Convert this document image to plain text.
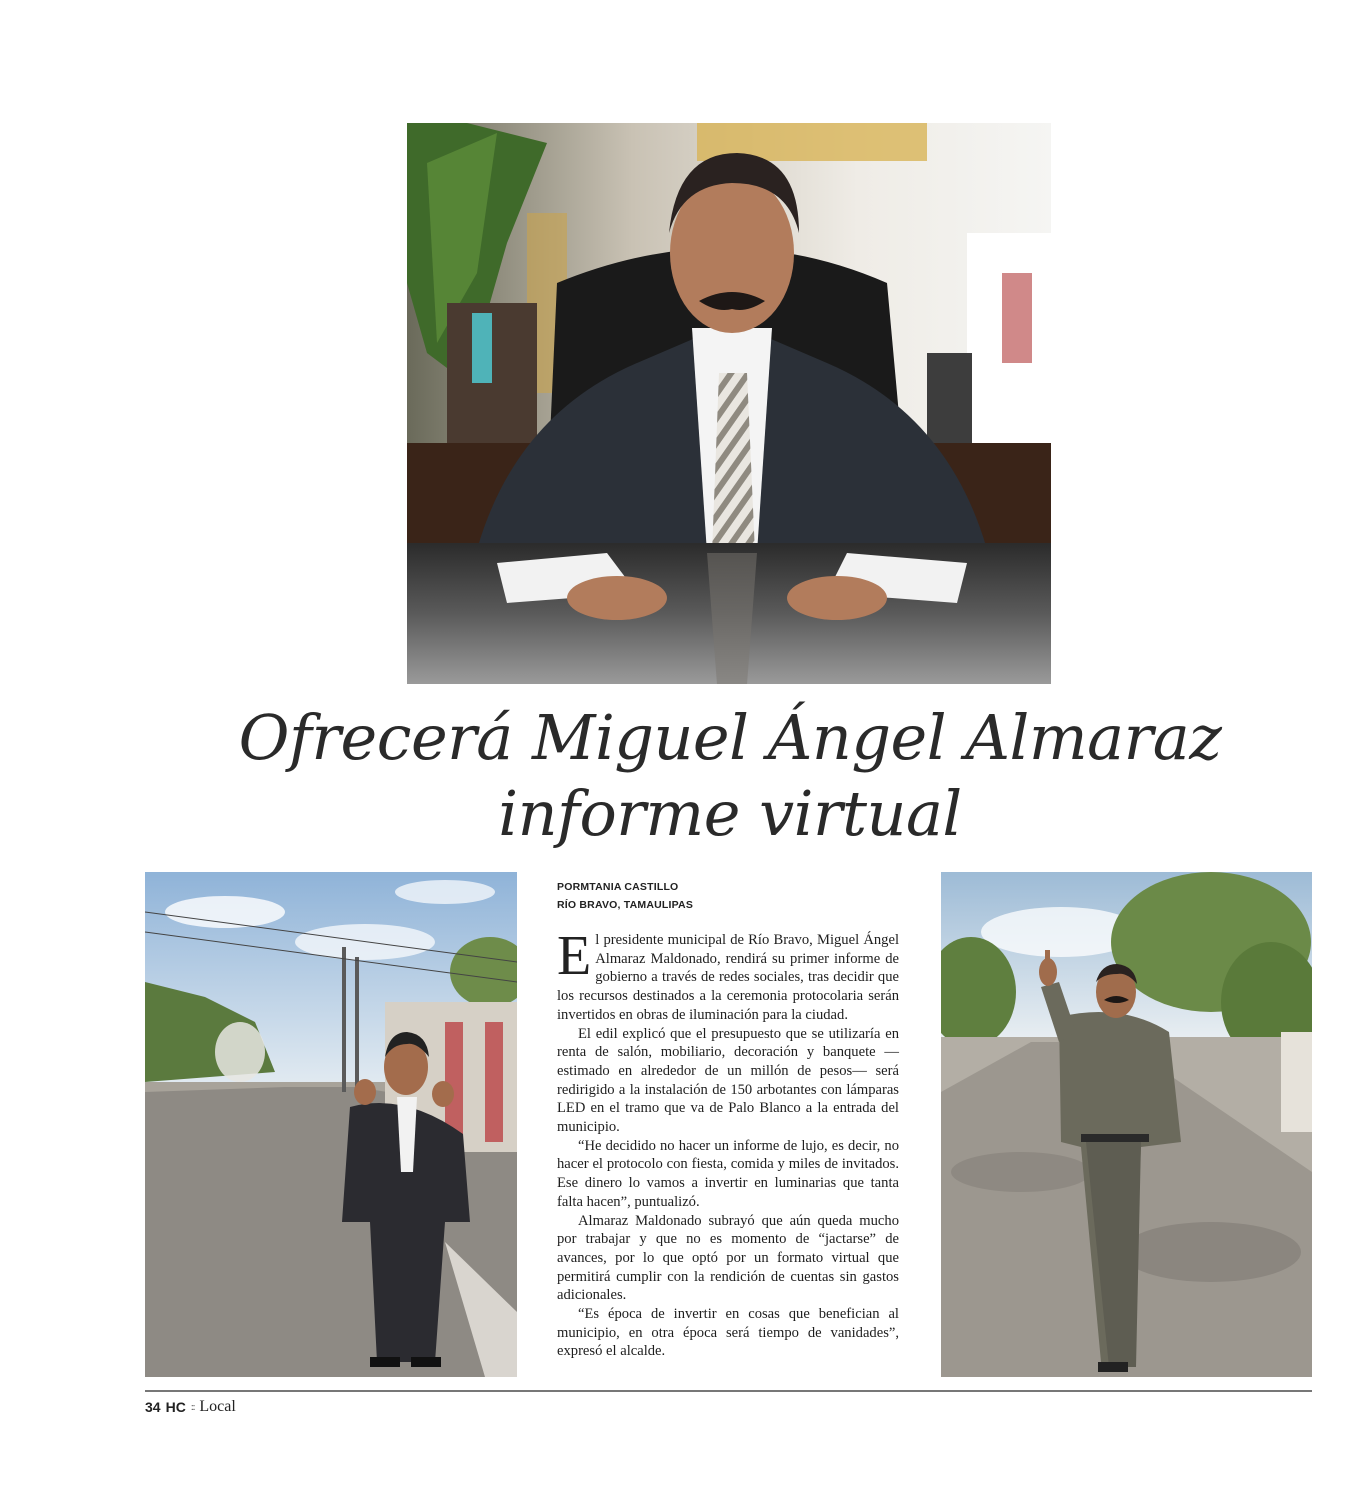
Ofrecerá Miguel Ángel Almaraz
informe virtual
PORMTANIA CASTILLO
RÍO BRAVO, TAMAULIPAS

El presidente municipal de Río Bravo, Miguel Ángel Almaraz Maldonado, rendirá su primer informe de gobierno a través de redes sociales, tras decidir que los recursos destinados a la ceremonia protocolaria serán invertidos en obras de iluminación para la ciudad.

El edil explicó que el presupuesto que se utilizaría en renta de salón, mobiliario, decoración y banquete —estimado en alrededor de un millón de pesos— será redirigido a la instalación de 150 arbotantes con lámparas LED en el tramo que va de Palo Blanco a la entrada del municipio.

“He decidido no hacer un informe de lujo, es decir, no hacer el protocolo con fiesta, comida y miles de invitados. Ese dinero lo vamos a invertir en luminarias que tanta falta hacen”, puntualizó.

Almaraz Maldonado subrayó que aún queda mucho por trabajar y que no es momento de “jactarse” de avances, por lo que optó por un formato virtual que permitirá cumplir con la rendición de cuentas sin gastos adicionales.

“Es época de invertir en cosas que benefician al municipio, en otra época será tiempo de vanidades”, expresó el alcalde.

34 HC :: Local
